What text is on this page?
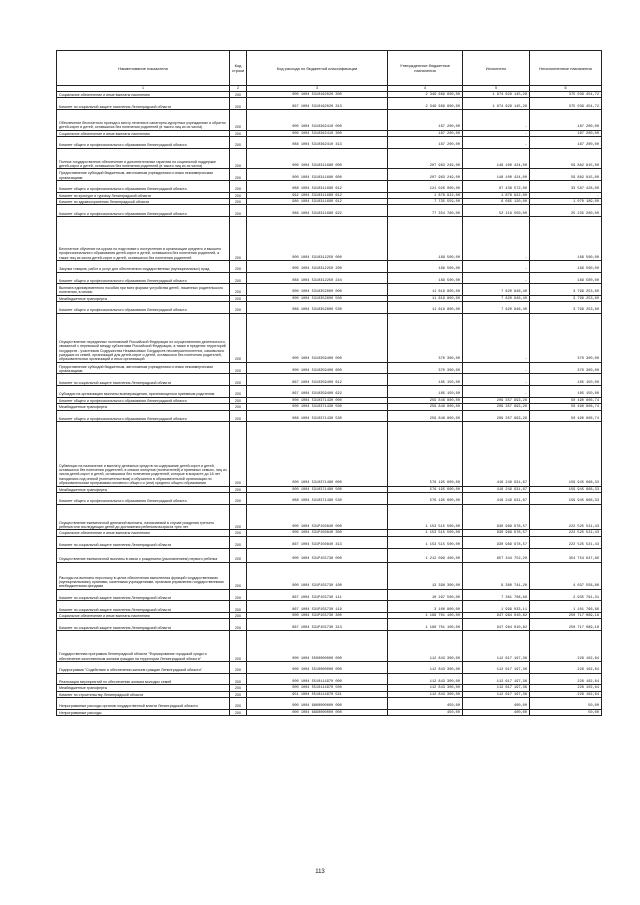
Наименование показателя	Код строки	Код расхода по бюджетной классификации	Утвержденные бюджетные назначения	Исполнено	Неисполненные назначения
1	2	3	4	5	6
Социальное обеспечение и иные выплаты населению	200	000 1004 5310162020 300	2 349 669 600,00	1 974 629 145,28	375 039 454,72
Комитет по социальной защите населения Ленинградской области	200	867 1004 5310162020 313	2 349 669 600,00	1 974 629 145,28	375 039 454,72
Обеспечение бесплатного проезда к месту лечения в санаторно-курортных учреждениях и обратно детей-сирот и детей, оставшихся без попечения родителей (в такого лиц из их числа)	200	000 1004 5310362410 000	187 200,00	-	187 200,00
Социальное обеспечение и иные выплаты населению	200	000 1004 5310362410 300	187 200,00	-	187 200,00
Комитет общего и профессионального образования Ленинградской области	200	088 1004 5310362410 313	187 200,00	-	187 200,00
Полное государственное обеспечение и дополнительные гарантии по социальной поддержке детей-сирот и детей, оставшихся без попечения родителей (в такого лиц из их числа)	200	000 1004 5310311680 000	207 983 249,00	148 100 424,00	59 882 815,00
Предоставление субсидий бюджетным, автономным учреждениям и иным некоммерческим организациям	200	000 1004 5310311680 600	207 983 249,00	148 100 424,00	59 882 815,00
Комитет общего и профессионального образования Ленинградской области	200	088 1004 5310311680 612	121 026 000,00	87 438 572,00	33 587 428,00
Комитет по культуре и туризму Ленинградской области	200	962 1004 5310311680 612	1 878 922,00	1 878 922,00	-
Комитет по здравоохранению Ленинградской области	200	980 1004 5310311680 612	7 735 559,00	6 665 120,00	1 070 189,00
Комитет общего и профессионального образования Ленинградской области	200	088 1004 5310311680 622	77 354 760,00	52 119 550,00	25 235 200,00
Бесплатное обучение на курсах по подготовке к поступлению в организации среднего и высшего профессионального образования детей-сирот и детей, оставшихся без попечения родителей, а также лиц из числа детей-сирот и детей, оставшихся без попечения родителей	200	000 1004 5310312250 000	189 500,00	-	189 500,00
Закупка товаров, работ и услуг для обеспечения государственных (муниципальных) нужд	200	000 1004 5310312250 200	189 500,00	-	189 500,00
Комитет общего и профессионального образования Ленинградской области	200	088 1004 5310312250 244	189 500,00	-	189 500,00
Выплата единовременного пособия при всех формах устройства детей, лишенных родительского попечения, в семью	200	000 1004 5310352600 000	11 619 800,00	7 820 846,40	3 799 253,60
Межбюджетные трансферты	200	000 1004 5310352600 500	11 619 800,00	7 820 846,40	3 799 253,60
Комитет общего и профессионального образования Ленинградской области	200	088 1004 5310352600 530	11 619 800,00	7 820 846,40	3 799 253,60
Осуществление переданных полномочий Российской Федерации по осуществлению деятельности, связанной с перевозкой между субъектами Российской Федерации, а также в пределах территорий государств - участников Содружества Независимых Государств несовершеннолетних, самовольно ушедших из семей, организаций для детей-сирот и детей, оставшихся без попечения родителей, образовательных организаций и иных организаций	200	000 1004 5310359400 000	370 300,00	-	370 300,00
Предоставление субсидий бюджетным, автономным учреждениям и иным некоммерческим организациям	200	000 1004 5310359400 600	370 300,00	-	370 300,00
Комитет по социальной защите населения Ленинградской области	200	867 1004 5310359400 612	185 150,00	-	185 150,00
Субсидии на организацию выплаты вознаграждения, причитающегося приемным родителям	200	867 1004 5310359400 622	185 150,00	-	185 150,00
Комитет общего и профессионального образования Ленинградской области	200	000 1004 5310371430 000	259 848 800,00	209 357 993,26	50 490 806,74
Межбюджетные трансферты	200	000 1004 5310371430 500	259 848 800,00	209 357 993,26	50 490 806,74
Комитет общего и профессионального образования Ленинградской области	200	088 1004 5310371430 530	259 848 800,00	209 357 993,26	50 490 806,74
Субвенции на назначение и выплату денежных средств на содержание детей-сирот и детей, оставшихся без попечения родителей, в семьях опекунов (попечителей) и приемных семьях, лиц из числа детей-сирот и детей, оставшихся без попечения родителей, которые в возрасте до 18 лет находились под опекой (попечительством) и обучаются в образовательной организации по образовательным программам основного общего и (или) среднего общего образования	200	000 1004 5310371480 000	576 195 600,00	416 249 931,67	159 945 668,33
Межбюджетные трансферты	200	000 1004 5310371480 500	576 195 600,00	416 249 931,67	159 945 668,33
Комитет общего и профессионального образования Ленинградской области	200	088 1004 5310371480 530	576 195 600,00	416 249 931,67	159 945 668,33
Осуществление ежемесячной денежной выплаты, назначаемой в случае рождения третьего ребенка или последующих детей до достижения ребенком возраста трех лет	200	000 1004 531P150840 000	1 153 515 500,00	930 989 978,57	222 525 521,43
Социальное обеспечение и иные выплаты населению	200	000 1004 531P150840 300	1 153 515 500,00	930 989 978,57	222 525 521,43
Комитет по социальной защите населения Ленинградской области	200	867 1004 531P150840 313	1 153 515 500,00	930 989 978,57	222 525 521,43
Осуществление ежемесячной выплаты в связи с рождением (усыновлением) первого ребенка	200	000 1004 531P155730 000	1 212 099 400,00	857 344 752,20	354 754 647,80
Расходы на выплаты персоналу в целях обеспечения выполнения функций государственными (муниципальными) органами, казенными учреждениями, органами управления государственными внебюджетными фондами	200	000 1004 531P155730 100	13 398 300,00	9 360 741,20	4 037 558,80
Комитет по социальной защите населения Ленинградской области	200	867 1004 531P155730 111	10 297 500,00	7 361 708,69	2 935 791,31
Комитет по социальной защите населения Ленинградской области	200	867 1004 531P155730 119	3 100 800,00	1 999 033,11	1 101 766,89
Социальное обеспечение и иные выплаты населению	200	000 1004 531P155730 300	1 198 701 100,00	947 984 010,82	250 717 089,18
Комитет по социальной защите населения Ленинградской области	200	867 1004 531P155730 313	1 198 701 100,00	947 984 010,82	250 717 089,18
Государственная программа Ленинградской области "Формирование городской среды и обеспечение качественным жильем граждан на территории Ленинградской области"	200	000 1004 5500000000 000	112 843 300,00	112 617 197,36	226 102,64
Подпрограмма "Содействие в обеспечении жильем граждан Ленинградской области"	200	000 1004 5510000000 000	112 843 300,00	112 617 197,36	226 102,64
Реализация мероприятий по обеспечению жильем молодых семей	200	000 1004 5510114970 000	112 843 300,00	112 617 197,36	226 102,64
Межбюджетные трансферты	200	000 1004 5510114970 500	112 843 300,00	112 617 197,36	226 102,64
Комитет по строительству Ленинградской области	200	951 1004 5510114970 521	112 843 300,00	112 617 197,36	226 102,64
Непрограммные расходы органов государственной власти Ленинградской области	200	000 1004 6800000000 000	450,00	400,00	50,00
Непрограммные расходы	200	000 1004 6890000000 000	450,00	400,00	50,00
113
